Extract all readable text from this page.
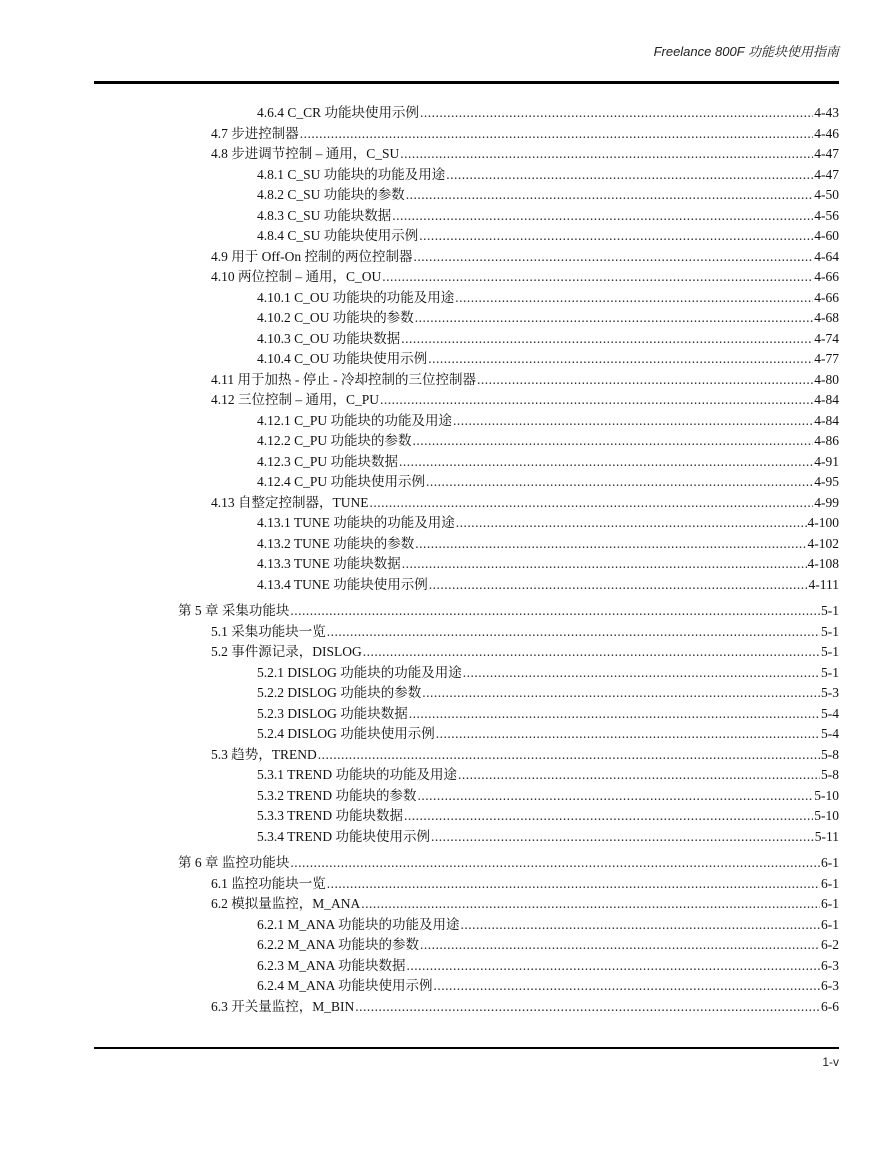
Freelance 800F 功能块使用指南
4.6.4 C_CR 功能块使用示例 .....	4-43
4.7 步进控制器 .....	4-46
4.8 步进调节控制 – 通用，C_SU .....	4-47
4.8.1 C_SU 功能块的功能及用途 .....	4-47
4.8.2 C_SU 功能块的参数 .....	4-50
4.8.3 C_SU 功能块数据 .....	4-56
4.8.4 C_SU 功能块使用示例 .....	4-60
4.9 用于 Off-On 控制的两位控制器 .....	4-64
4.10 两位控制 – 通用，C_OU .....	4-66
4.10.1 C_OU 功能块的功能及用途 .....	4-66
4.10.2 C_OU 功能块的参数 .....	4-68
4.10.3 C_OU 功能块数据 .....	4-74
4.10.4 C_OU 功能块使用示例 .....	4-77
4.11 用于加热 - 停止 - 冷却控制的三位控制器 .....	4-80
4.12 三位控制 – 通用，C_PU .....	4-84
4.12.1 C_PU 功能块的功能及用途 .....	4-84
4.12.2 C_PU 功能块的参数 .....	4-86
4.12.3 C_PU 功能块数据 .....	4-91
4.12.4 C_PU 功能块使用示例 .....	4-95
4.13 自整定控制器，TUNE .....	4-99
4.13.1 TUNE 功能块的功能及用途 .....	4-100
4.13.2 TUNE 功能块的参数 .....	4-102
4.13.3 TUNE 功能块数据 .....	4-108
4.13.4 TUNE 功能块使用示例 .....	4-111
第 5 章 采集功能块 .....	5-1
5.1 采集功能块一览 .....	5-1
5.2 事件源记录，DISLOG .....	5-1
5.2.1 DISLOG 功能块的功能及用途 .....	5-1
5.2.2 DISLOG 功能块的参数 .....	5-3
5.2.3 DISLOG 功能块数据 .....	5-4
5.2.4 DISLOG 功能块使用示例 .....	5-4
5.3 趋势，TREND .....	5-8
5.3.1 TREND 功能块的功能及用途 .....	5-8
5.3.2 TREND 功能块的参数 .....	5-10
5.3.3 TREND 功能块数据 .....	5-10
5.3.4 TREND 功能块使用示例 .....	5-11
第 6 章 监控功能块 .....	6-1
6.1 监控功能块一览 .....	6-1
6.2 模拟量监控，M_ANA .....	6-1
6.2.1 M_ANA 功能块的功能及用途 .....	6-1
6.2.2 M_ANA 功能块的参数 .....	6-2
6.2.3 M_ANA 功能块数据 .....	6-3
6.2.4 M_ANA 功能块使用示例 .....	6-3
6.3 开关量监控，M_BIN .....	6-6
1-v
